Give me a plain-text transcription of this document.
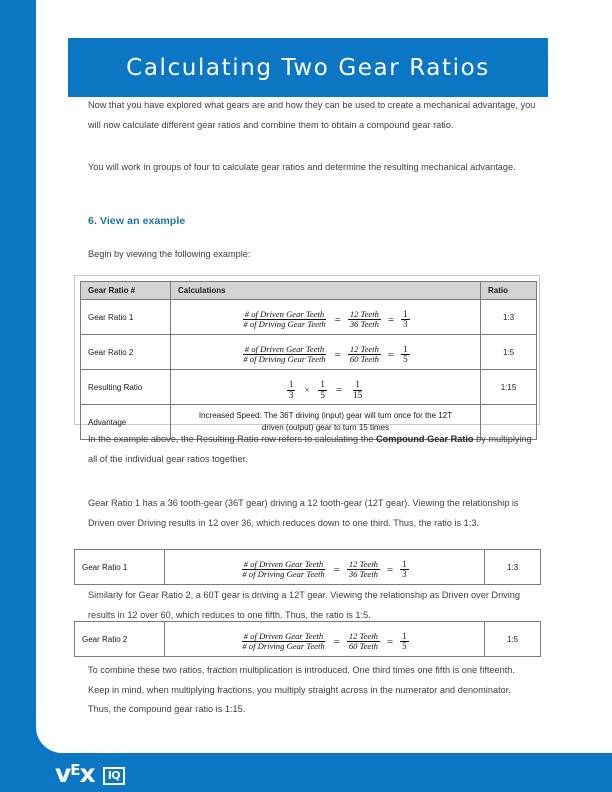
Calculating Two Gear Ratios
Now that you have explored what gears are and how they can be used to create a mechanical advantage, you will now calculate different gear ratios and combine them to obtain a compound gear ratio.
You will work in groups of four to calculate gear ratios and determine the resulting mechanical advantage.
6. View an example
Begin by viewing the following example:
Gear Ratio #	Calculations	Ratio
Gear Ratio 1	$\frac{\text{\# of Driven Gear Teeth}}{\text{\# of Driving Gear Teeth}} = \frac{\text{12 Teeth}}{\text{36 Teeth}} = \frac{1}{3}$	1:3
Gear Ratio 2	$\frac{\text{\# of Driven Gear Teeth}}{\text{\# of Driving Gear Teeth}} = \frac{\text{12 Teeth}}{\text{60 Teeth}} = \frac{1}{5}$	1:5
Resulting Ratio	$\frac{1}{3} \times \frac{1}{5} = \frac{1}{15}$	1:15
Advantage	Increased Speed: The 36T driving (input) gear will turn once for the 12T driven (output) gear to turn 15 times	
In the example above, the Resulting Ratio row refers to calculating the Compound Gear Ratio by multiplying all of the individual gear ratios together.
Gear Ratio 1 has a 36 tooth-gear (36T gear) driving a 12 tooth-gear (12T gear). Viewing the relationship is Driven over Driving results in 12 over 36, which reduces down to one third. Thus, the ratio is 1:3.
Gear Ratio 1	$\frac{\text{\# of Driven Gear Teeth}}{\text{\# of Driving Gear Teeth}} = \frac{\text{12 Teeth}}{\text{36 Teeth}} = \frac{1}{3}$	1:3
Similarly for Gear Ratio 2, a 60T gear is driving a 12T gear. Viewing the relationship as Driven over Driving results in 12 over 60, which reduces to one fifth. Thus, the ratio is 1:5.
Gear Ratio 2	$\frac{\text{\# of Driven Gear Teeth}}{\text{\# of Driving Gear Teeth}} = \frac{\text{12 Teeth}}{\text{60 Teeth}} = \frac{1}{5}$	1:5
To combine these two ratios, fraction multiplication is introduced. One third times one fifth is one fifteenth. Keep in mind, when multiplying fractions, you multiply straight across in the numerator and denominator. Thus, the compound gear ratio is 1:15.
$v^Ex$	IQ
